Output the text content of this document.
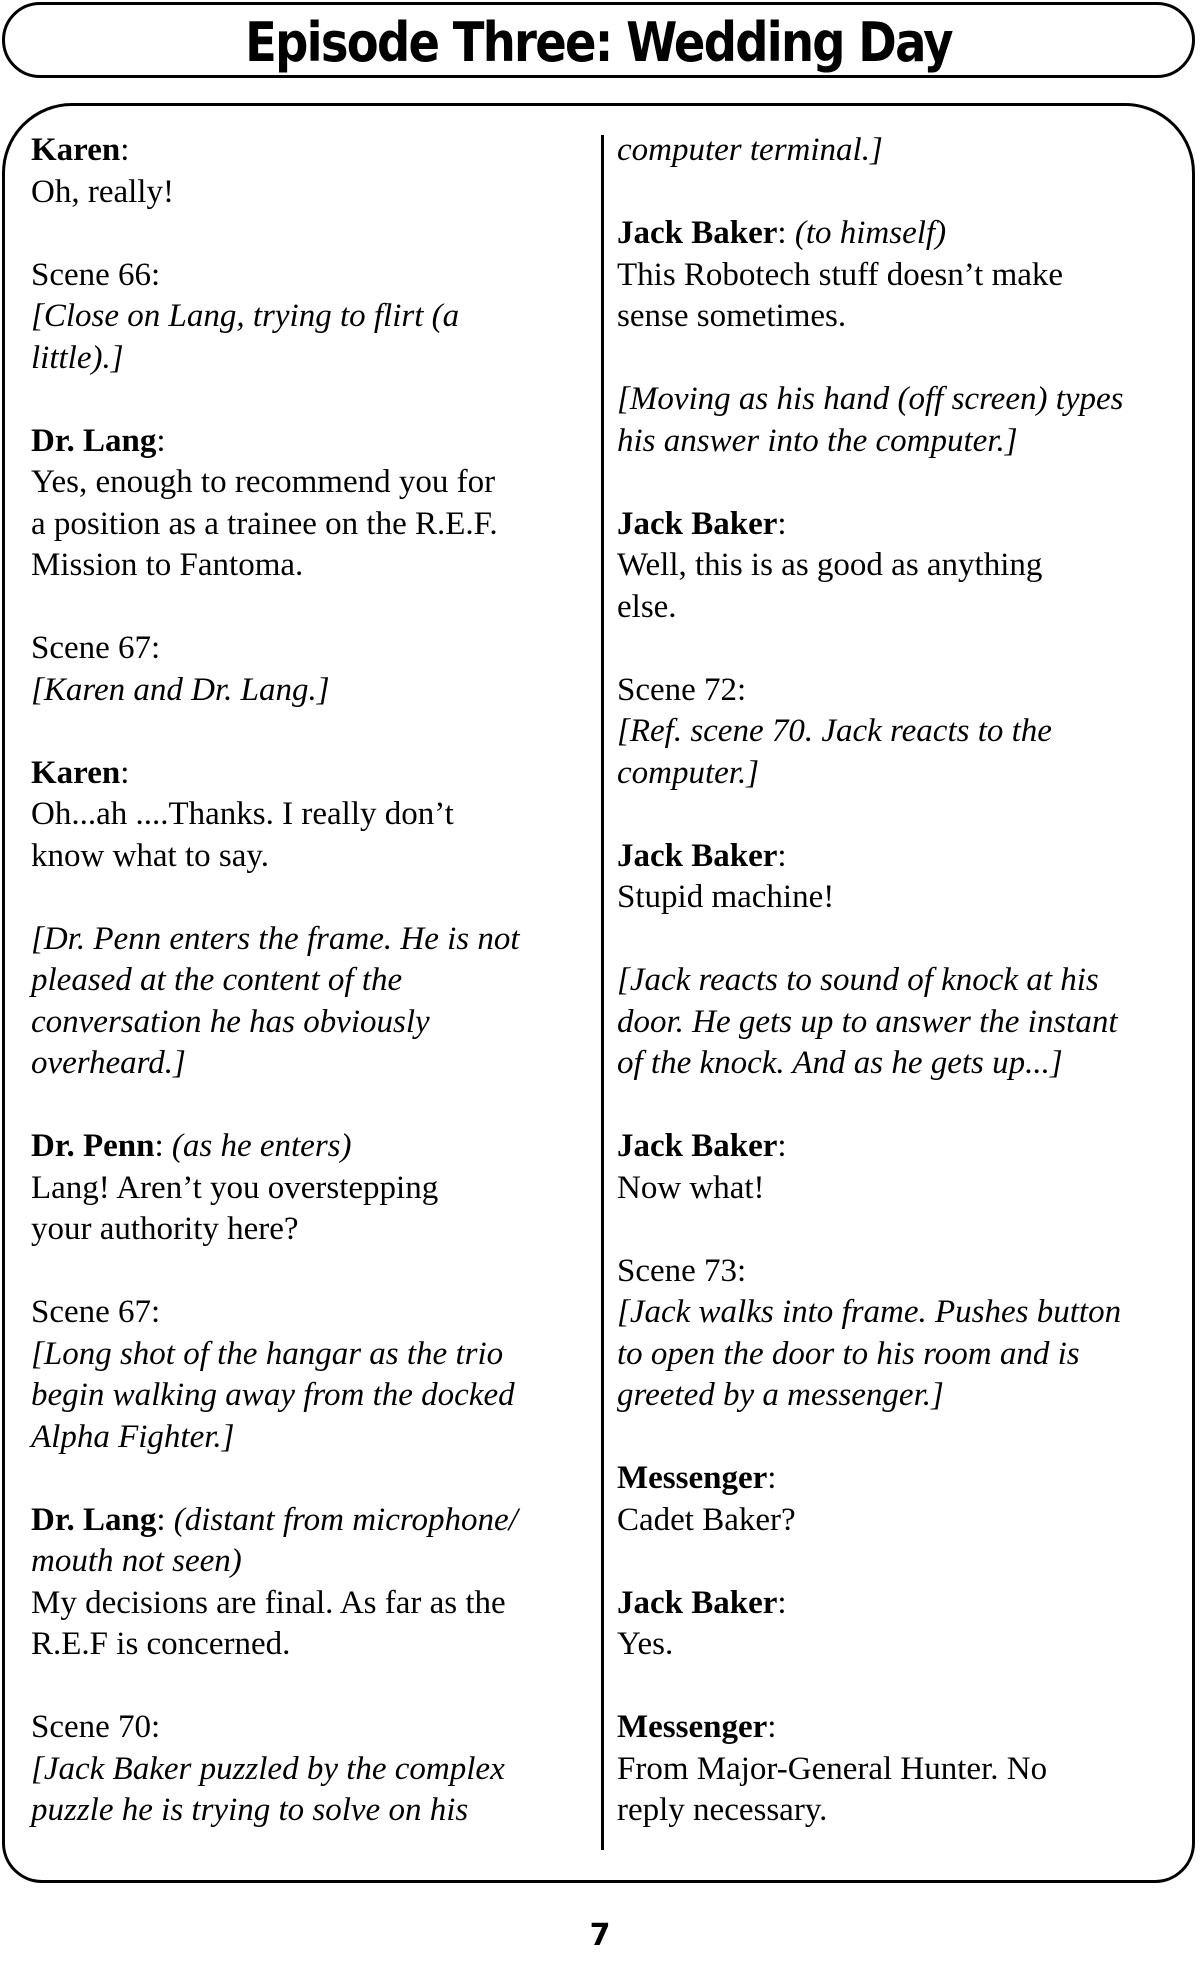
Episode Three: Wedding Day
Karen:
Oh, really!
Scene 66:
[Close on Lang, trying to flirt (a
little).]
Dr. Lang:
Yes, enough to recommend you for
a position as a trainee on the R.E.F.
Mission to Fantoma.
Scene 67:
[Karen and Dr. Lang.]
Karen:
Oh...ah ....Thanks. I really don’t
know what to say.
[Dr. Penn enters the frame. He is not
pleased at the content of the
conversation he has obviously
overheard.]
Dr. Penn: (as he enters)
Lang! Aren’t you overstepping
your authority here?
Scene 67:
[Long shot of the hangar as the trio
begin walking away from the docked
Alpha Fighter.]
Dr. Lang: (distant from microphone/
mouth not seen)
My decisions are final. As far as the
R.E.F is concerned.
Scene 70:
[Jack Baker puzzled by the complex
puzzle he is trying to solve on his
computer terminal.]
Jack Baker: (to himself)
This Robotech stuff doesn’t make
sense sometimes.
[Moving as his hand (off screen) types
his answer into the computer.]
Jack Baker:
Well, this is as good as anything
else.
Scene 72:
[Ref. scene 70. Jack reacts to the
computer.]
Jack Baker:
Stupid machine!
[Jack reacts to sound of knock at his
door. He gets up to answer the instant
of the knock. And as he gets up...]
Jack Baker:
Now what!
Scene 73:
[Jack walks into frame. Pushes button
to open the door to his room and is
greeted by a messenger.]
Messenger:
Cadet Baker?
Jack Baker:
Yes.
Messenger:
From Major-General Hunter. No
reply necessary.
7
